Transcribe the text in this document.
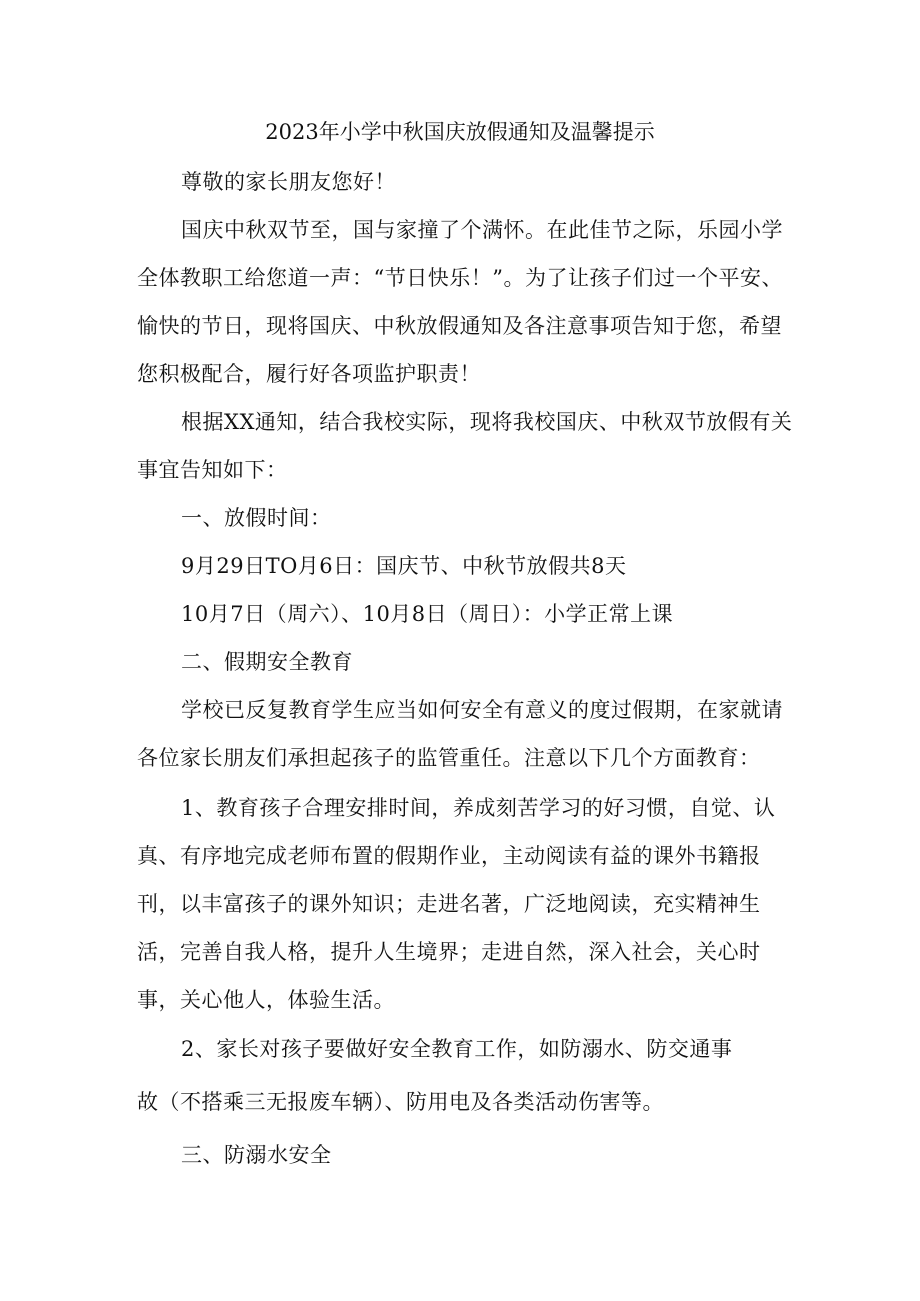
2023年小学中秋国庆放假通知及温馨提示
尊敬的家长朋友您好！
国庆中秋双节至，国与家撞了个满怀。在此佳节之际，乐园小学
全体教职工给您道一声：“节日快乐！”。为了让孩子们过一个平安、
愉快的节日，现将国庆、中秋放假通知及各注意事项告知于您，希望
您积极配合，履行好各项监护职责！
根据XX通知，结合我校实际，现将我校国庆、中秋双节放假有关
事宜告知如下：
一、放假时间：
9月29日TO月6日：国庆节、中秋节放假共8天
10月7日（周六）、10月8日（周日）：小学正常上课
二、假期安全教育
学校已反复教育学生应当如何安全有意义的度过假期，在家就请
各位家长朋友们承担起孩子的监管重任。注意以下几个方面教育：
1、教育孩子合理安排时间，养成刻苦学习的好习惯，自觉、认
真、有序地完成老师布置的假期作业，主动阅读有益的课外书籍报
刊，以丰富孩子的课外知识；走进名著，广泛地阅读，充实精神生
活，完善自我人格，提升人生境界；走进自然，深入社会，关心时
事，关心他人，体验生活。
2、家长对孩子要做好安全教育工作，如防溺水、防交通事
故（不搭乘三无报废车辆）、防用电及各类活动伤害等。
三、防溺水安全
